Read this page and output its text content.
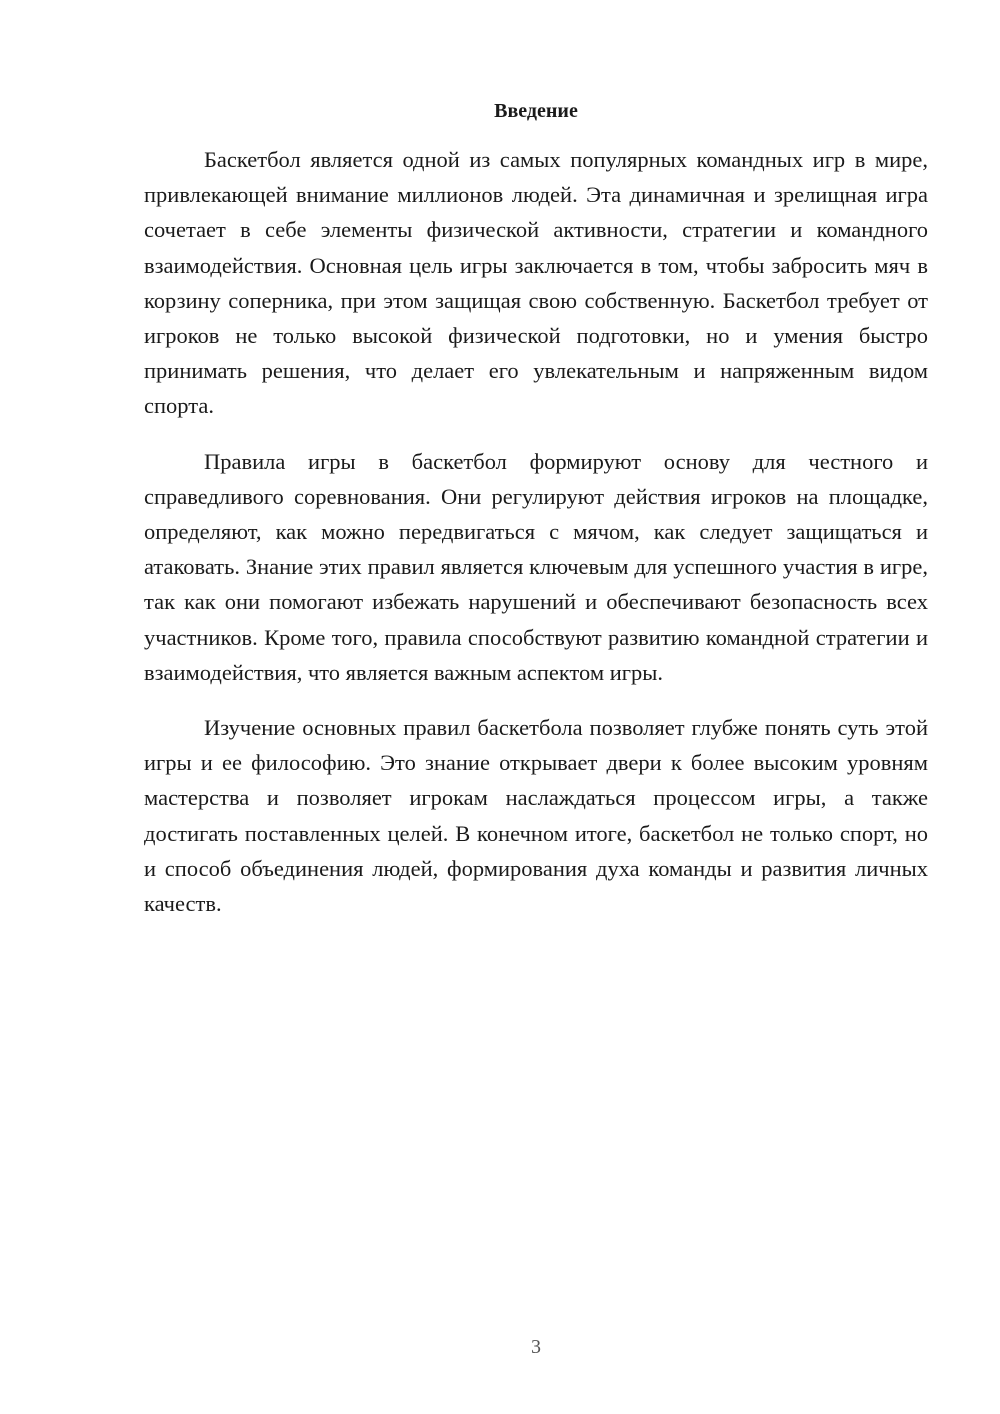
Введение

Баскетбол является одной из самых популярных командных игр в мире, привлекающей внимание миллионов людей. Эта динамичная и зрелищная игра сочетает в себе элементы физической активности, стратегии и командного взаимодействия. Основная цель игры заключается в том, чтобы забросить мяч в корзину соперника, при этом защищая свою собственную. Баскетбол требует от игроков не только высокой физической подготовки, но и умения быстро принимать решения, что делает его увлекательным и напряженным видом спорта.

Правила игры в баскетбол формируют основу для честного и справедливого соревнования. Они регулируют действия игроков на площадке, определяют, как можно передвигаться с мячом, как следует защищаться и атаковать. Знание этих правил является ключевым для успешного участия в игре, так как они помогают избежать нарушений и обеспечивают безопасность всех участников. Кроме того, правила способствуют развитию командной стратегии и взаимодействия, что является важным аспектом игры.

Изучение основных правил баскетбола позволяет глубже понять суть этой игры и ее философию. Это знание открывает двери к более высоким уровням мастерства и позволяет игрокам наслаждаться процессом игры, а также достигать поставленных целей. В конечном итоге, баскетбол не только спорт, но и способ объединения людей, формирования духа команды и развития личных качеств.

3
